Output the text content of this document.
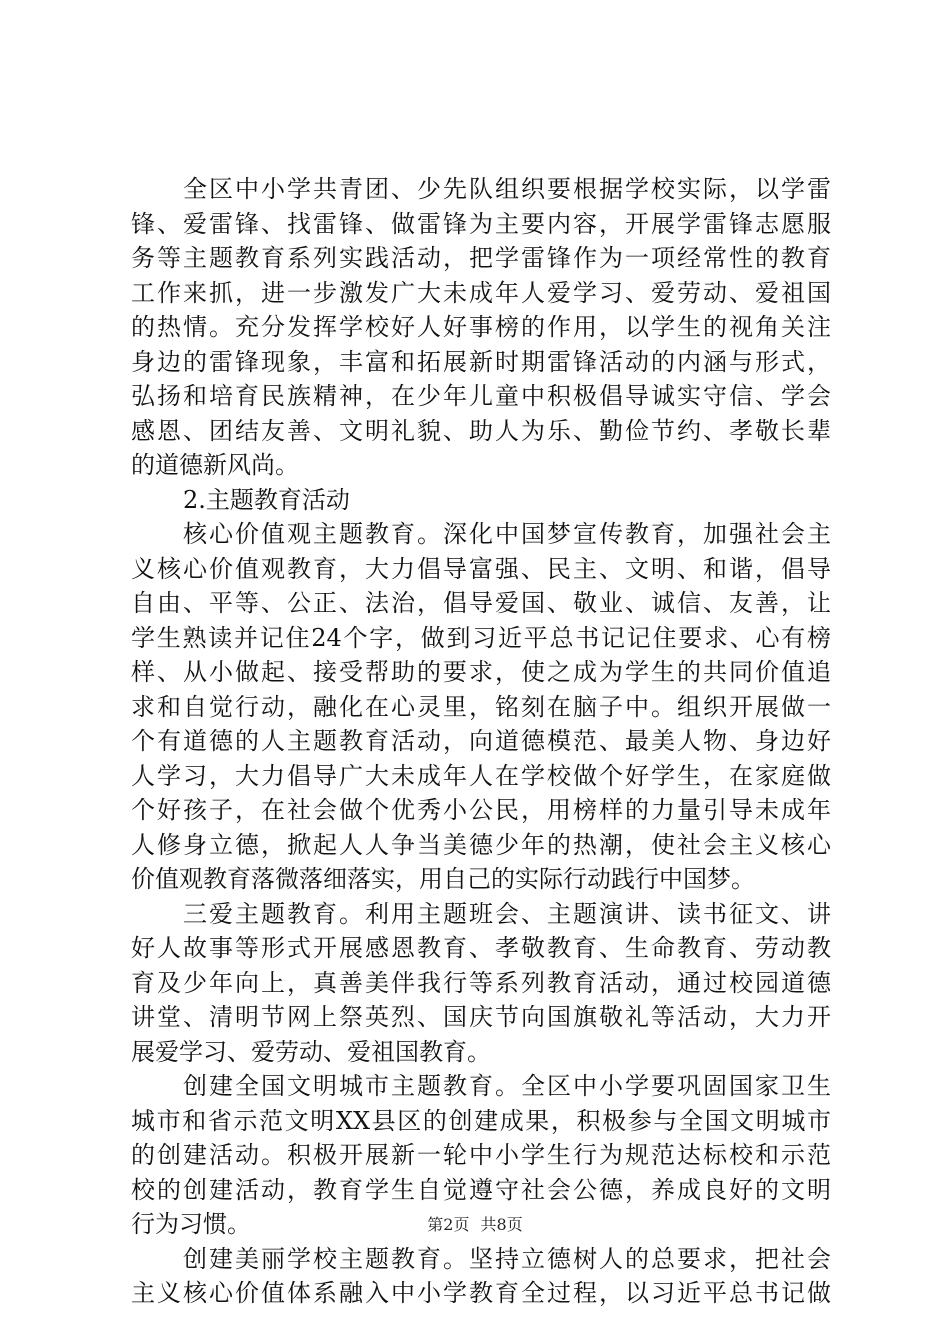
全区中小学共青团、少先队组织要根据学校实际，以学雷
锋、爱雷锋、找雷锋、做雷锋为主要内容，开展学雷锋志愿服
务等主题教育系列实践活动，把学雷锋作为一项经常性的教育
工作来抓，进一步激发广大未成年人爱学习、爱劳动、爱祖国
的热情。充分发挥学校好人好事榜的作用，以学生的视角关注
身边的雷锋现象，丰富和拓展新时期雷锋活动的内涵与形式，
弘扬和培育民族精神，在少年儿童中积极倡导诚实守信、学会
感恩、团结友善、文明礼貌、助人为乐、勤俭节约、孝敬长辈
的道德新风尚。
2.主题教育活动
核心价值观主题教育。深化中国梦宣传教育，加强社会主
义核心价值观教育，大力倡导富强、民主、文明、和谐，倡导
自由、平等、公正、法治，倡导爱国、敬业、诚信、友善，让
学生熟读并记住24个字，做到习近平总书记记住要求、心有榜
样、从小做起、接受帮助的要求，使之成为学生的共同价值追
求和自觉行动，融化在心灵里，铭刻在脑子中。组织开展做一
个有道德的人主题教育活动，向道德模范、最美人物、身边好
人学习，大力倡导广大未成年人在学校做个好学生，在家庭做
个好孩子，在社会做个优秀小公民，用榜样的力量引导未成年
人修身立德，掀起人人争当美德少年的热潮，使社会主义核心
价值观教育落微落细落实，用自己的实际行动践行中国梦。
三爱主题教育。利用主题班会、主题演讲、读书征文、讲
好人故事等形式开展感恩教育、孝敬教育、生命教育、劳动教
育及少年向上，真善美伴我行等系列教育活动，通过校园道德
讲堂、清明节网上祭英烈、国庆节向国旗敬礼等活动，大力开
展爱学习、爱劳动、爱祖国教育。
创建全国文明城市主题教育。全区中小学要巩固国家卫生
城市和省示范文明XX县区的创建成果，积极参与全国文明城市
的创建活动。积极开展新一轮中小学生行为规范达标校和示范
校的创建活动，教育学生自觉遵守社会公德，养成良好的文明
行为习惯。
创建美丽学校主题教育。坚持立德树人的总要求，把社会
主义核心价值体系融入中小学教育全过程，以习近平总书记做
第2页 共8页
